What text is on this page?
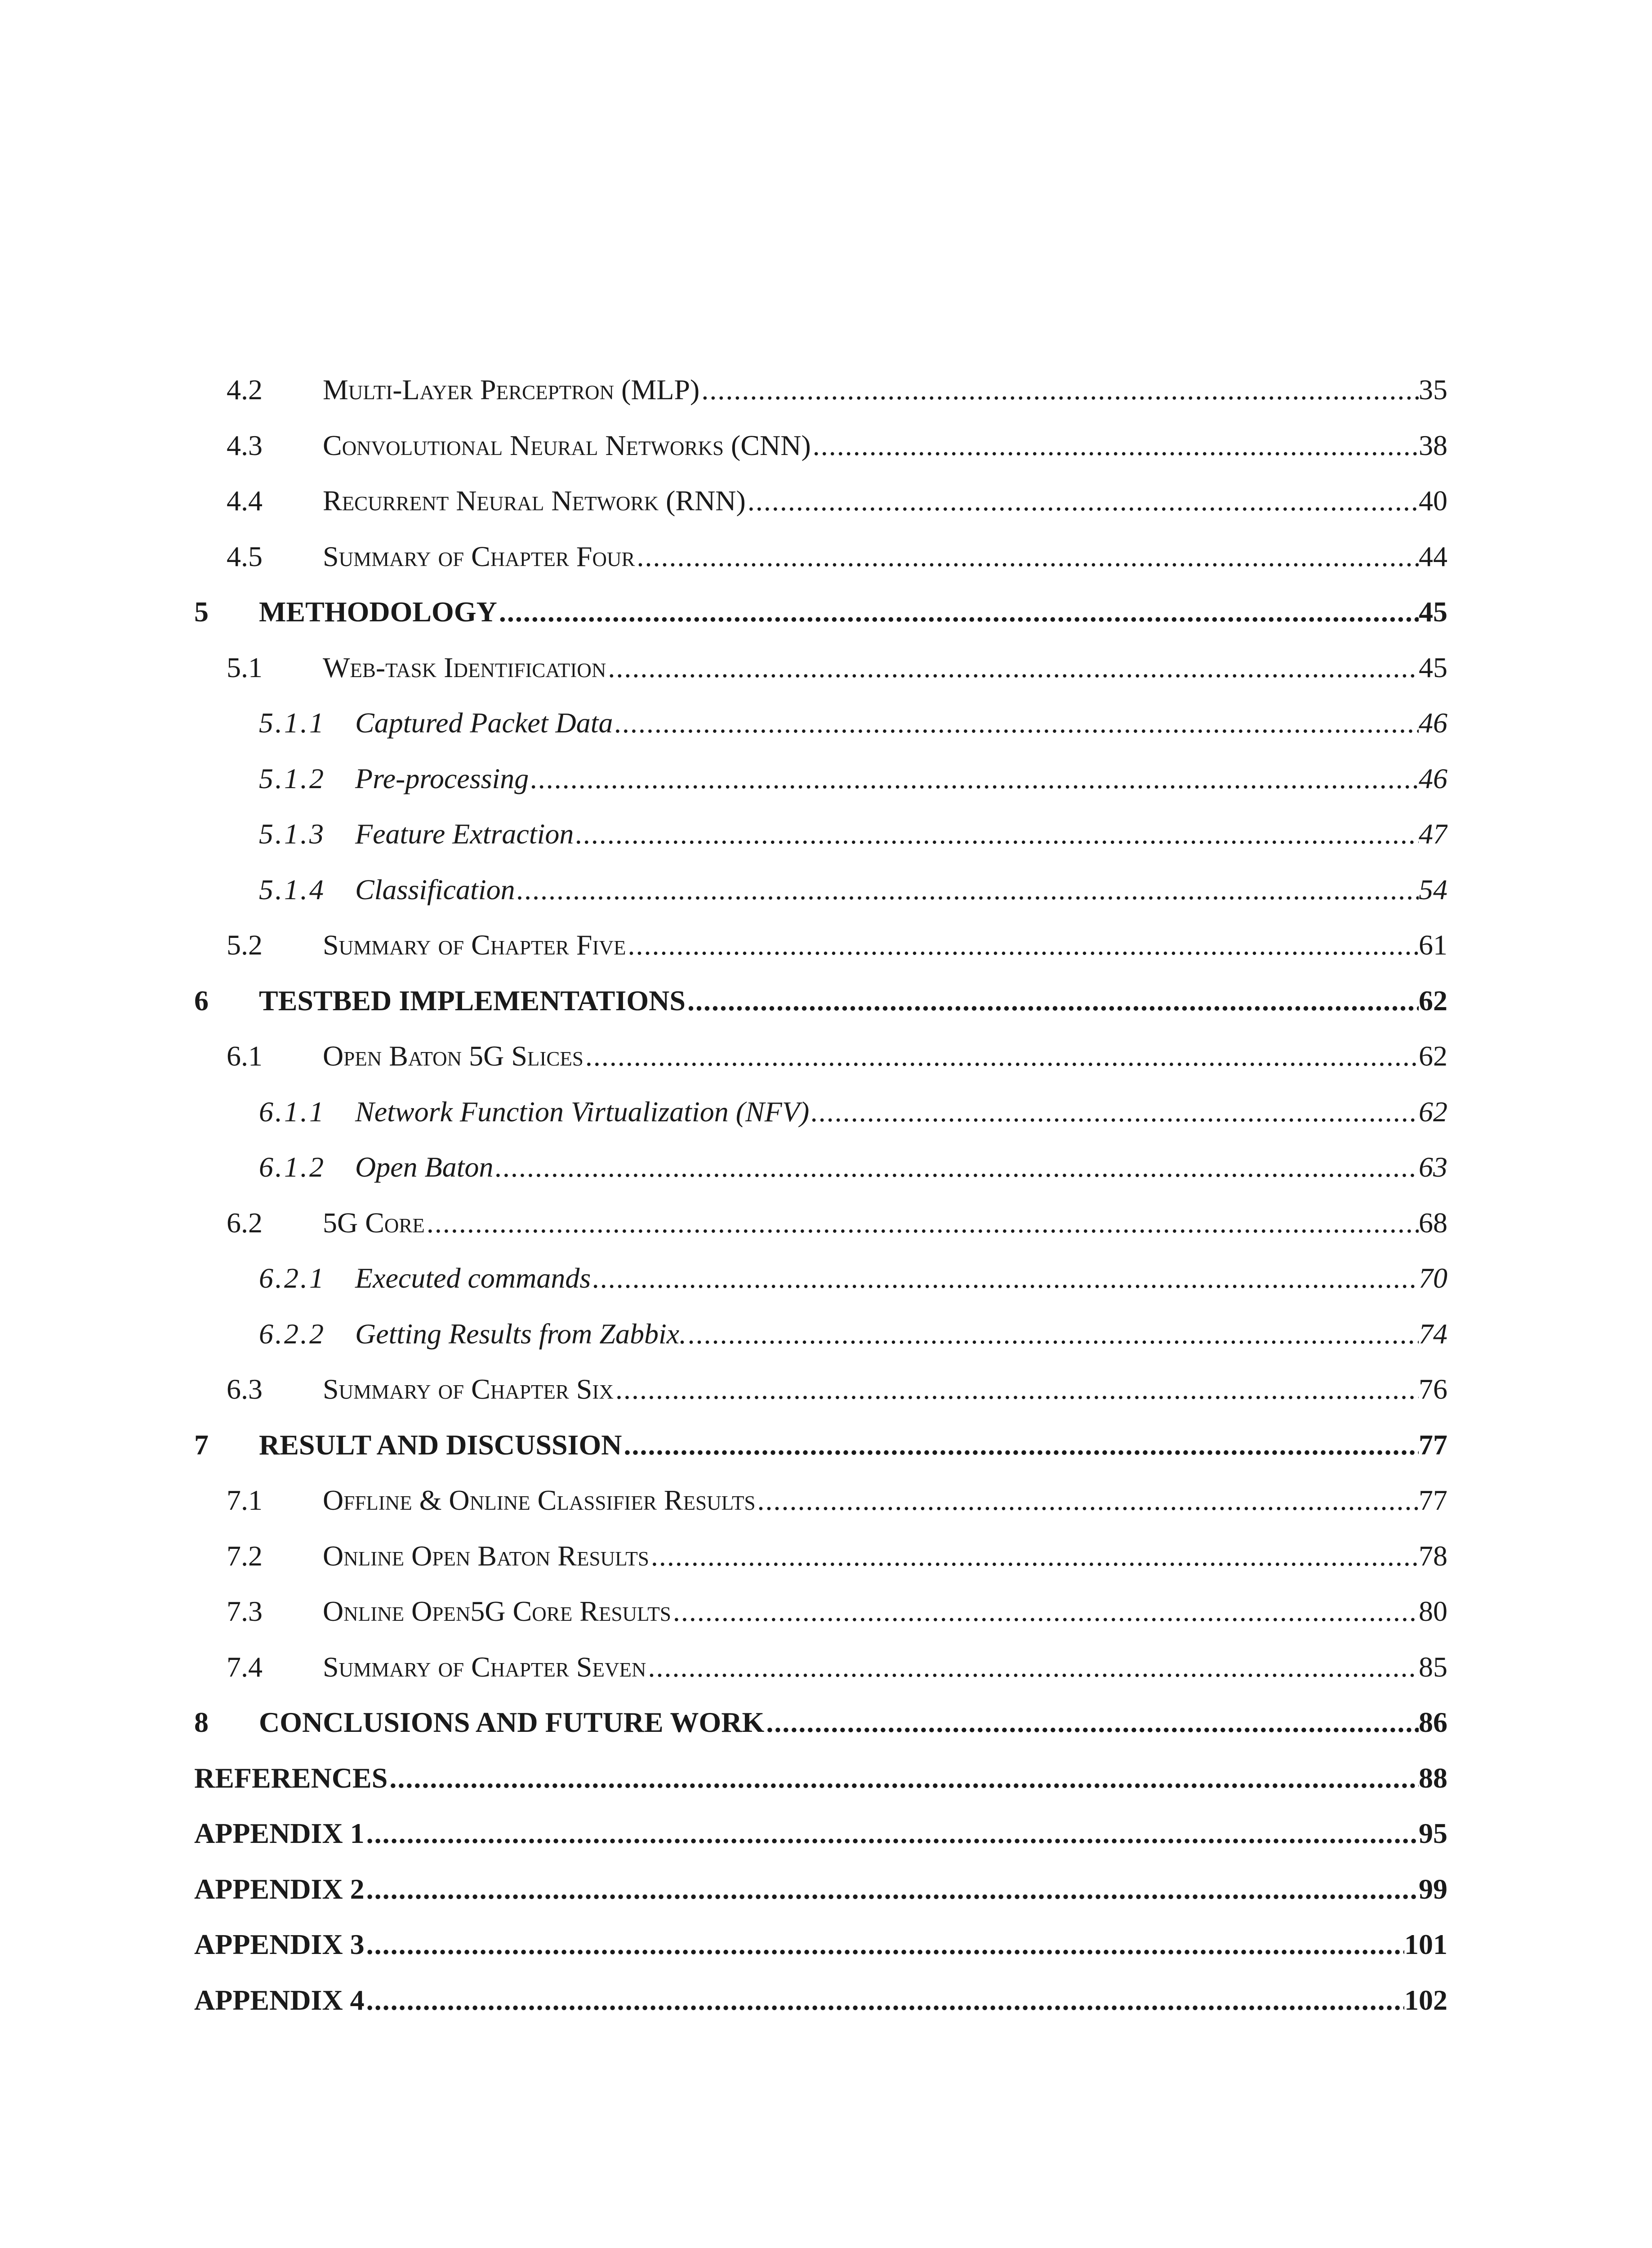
4.2	Multi-Layer Perceptron (MLP) .....	35
4.3	Convolutional Neural Networks (CNN) .....	38
4.4	Recurrent Neural Network (RNN) .....	40
4.5	Summary of Chapter Four .....	44
5	METHODOLOGY .....	45
5.1	Web-task Identification .....	45
5.1.1	Captured Packet Data .....	46
5.1.2	Pre-processing .....	46
5.1.3	Feature Extraction .....	47
5.1.4	Classification .....	54
5.2	Summary of Chapter Five .....	61
6	TESTBED IMPLEMENTATIONS .....	62
6.1	Open Baton 5G Slices .....	62
6.1.1	Network Function Virtualization (NFV) .....	62
6.1.2	Open Baton .....	63
6.2	5G Core .....	68
6.2.1	Executed commands .....	70
6.2.2	Getting Results from Zabbix. .....	74
6.3	Summary of Chapter Six .....	76
7	RESULT AND DISCUSSION .....	77
7.1	Offline & Online Classifier Results .....	77
7.2	Online Open Baton Results .....	78
7.3	Online Open5G Core Results .....	80
7.4	Summary of Chapter Seven .....	85
8	CONCLUSIONS AND FUTURE WORK .....	86
REFERENCES .....	88
APPENDIX 1 .....	95
APPENDIX 2 .....	99
APPENDIX 3 .....	101
APPENDIX 4 .....	102
